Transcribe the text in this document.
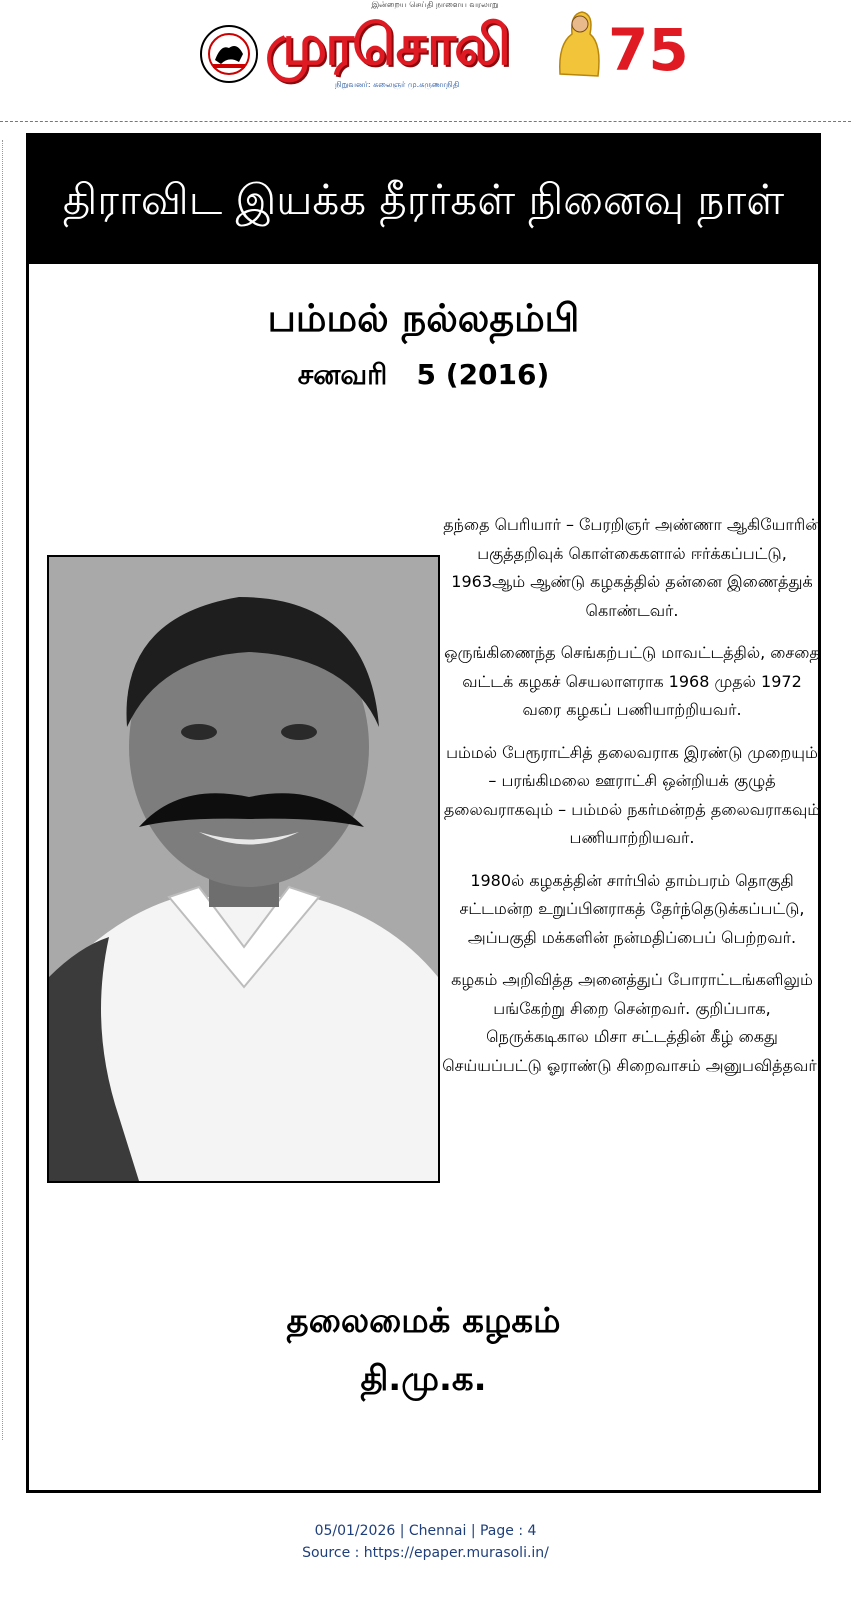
இன்றைய செய்தி நாளைய வரலாறு
முரசொலி
நிறுவனர்: கலைஞர் மு.கருணாநிதி
75
திராவிட இயக்க தீரர்கள் நினைவு நாள்
பம்மல் நல்லதம்பி
சனவரி   5 (2016)

தந்தை பெரியார் – பேரறிஞர் அண்ணா ஆகியோரின் பகுத்தறிவுக் கொள்கைகளால் ஈர்க்கப்பட்டு, 1963ஆம் ஆண்டு கழகத்தில் தன்னை இணைத்துக் கொண்டவர்.

ஒருங்கிணைந்த செங்கற்பட்டு மாவட்டத்தில், சைதை வட்டக் கழகச் செயலாளராக 1968 முதல் 1972 வரை கழகப் பணியாற்றியவர்.

பம்மல் பேரூராட்சித் தலைவராக இரண்டு முறையும் – பரங்கிமலை ஊராட்சி ஒன்றியக் குழுத் தலைவராகவும் – பம்மல் நகர்மன்றத் தலைவராகவும் பணியாற்றியவர்.

1980ல் கழகத்தின் சார்பில் தாம்பரம் தொகுதி சட்டமன்ற உறுப்பினராகத் தேர்ந்தெடுக்கப்பட்டு, அப்பகுதி மக்களின் நன்மதிப்பைப் பெற்றவர்.

கழகம் அறிவித்த அனைத்துப் போராட்டங்களிலும் பங்கேற்று சிறை சென்றவர். குறிப்பாக, நெருக்கடிகால மிசா சட்டத்தின் கீழ் கைது செய்யப்பட்டு ஓராண்டு சிறைவாசம் அனுபவித்தவர்.

தலைமைக் கழகம்
தி.மு.க.
05/01/2026 | Chennai | Page : 4
Source : https://epaper.murasoli.in/
